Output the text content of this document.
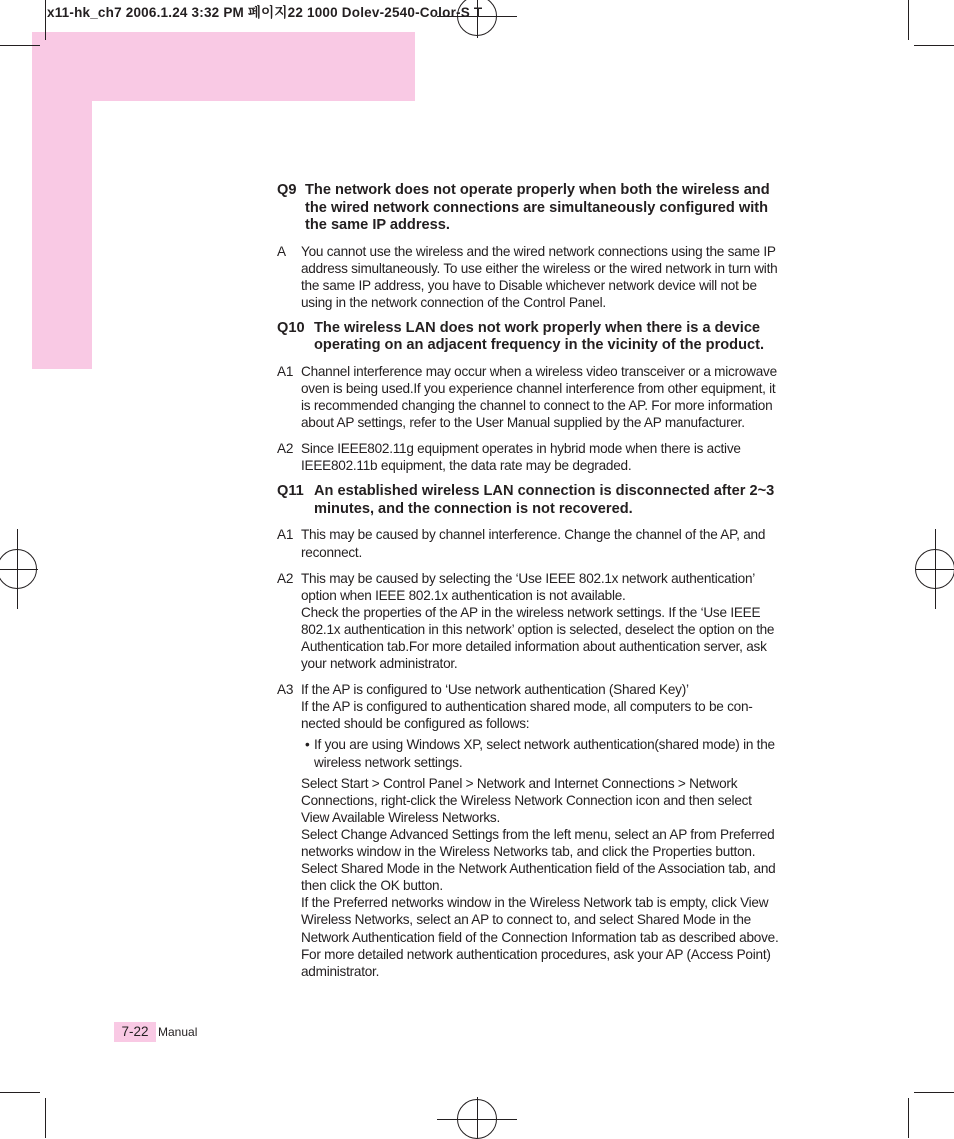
x11-hk_ch7 2006.1.24 3:32 PM 페이지22 1000 Dolev-2540-Color-S T
Q9 The network does not operate properly when both the wireless and the wired network connections are simultaneously configured with the same IP address.
A You cannot use the wireless and the wired network connections using the same IP address simultaneously. To use either the wireless or the wired network in turn with the same IP address, you have to Disable whichever network device will not be using in the network connection of the Control Panel.

Q10 The wireless LAN does not work properly when there is a device operating on an adjacent frequency in the vicinity of the product.
A1 Channel interference may occur when a wireless video transceiver or a microwave oven is being used.If you experience channel interference from other equipment, it is recommended changing the channel to connect to the AP. For more information about AP settings, refer to the User Manual supplied by the AP manufacturer.

A2 Since IEEE802.11g equipment operates in hybrid mode when there is active IEEE802.11b equipment, the data rate may be degraded.

Q11 An established wireless LAN connection is disconnected after 2~3 minutes, and the connection is not recovered.
A1 This may be caused by channel interference. Change the channel of the AP, and reconnect.

A2 This may be caused by selecting the ‘Use IEEE 802.1x network authentication’ option when IEEE 802.1x authentication is not available.

Check the properties of the AP in the wireless network settings. If the ‘Use IEEE 802.1x authentication in this network’ option is selected, deselect the option on the Authentication tab.For more detailed information about authentication server, ask your network administrator.

A3 If the AP is configured to ‘Use network authentication (Shared Key)’

If the AP is configured to authentication shared mode, all computers to be con-nected should be configured as follows:

• If you are using Windows XP, select network authentication(shared mode) in the wireless network settings.

Select Start > Control Panel > Network and Internet Connections > Network Connections, right-click the Wireless Network Connection icon and then select View Available Wireless Networks.

Select Change Advanced Settings from the left menu, select an AP from Preferred networks window in the Wireless Networks tab, and click the Properties button.

Select Shared Mode in the Network Authentication field of the Association tab, and then click the OK button.

If the Preferred networks window in the Wireless Network tab is empty, click View Wireless Networks, select an AP to connect to, and select Shared Mode in the Network Authentication field of the Connection Information tab as described above. For more detailed network authentication procedures, ask your AP (Access Point) administrator.

7-22 Manual
